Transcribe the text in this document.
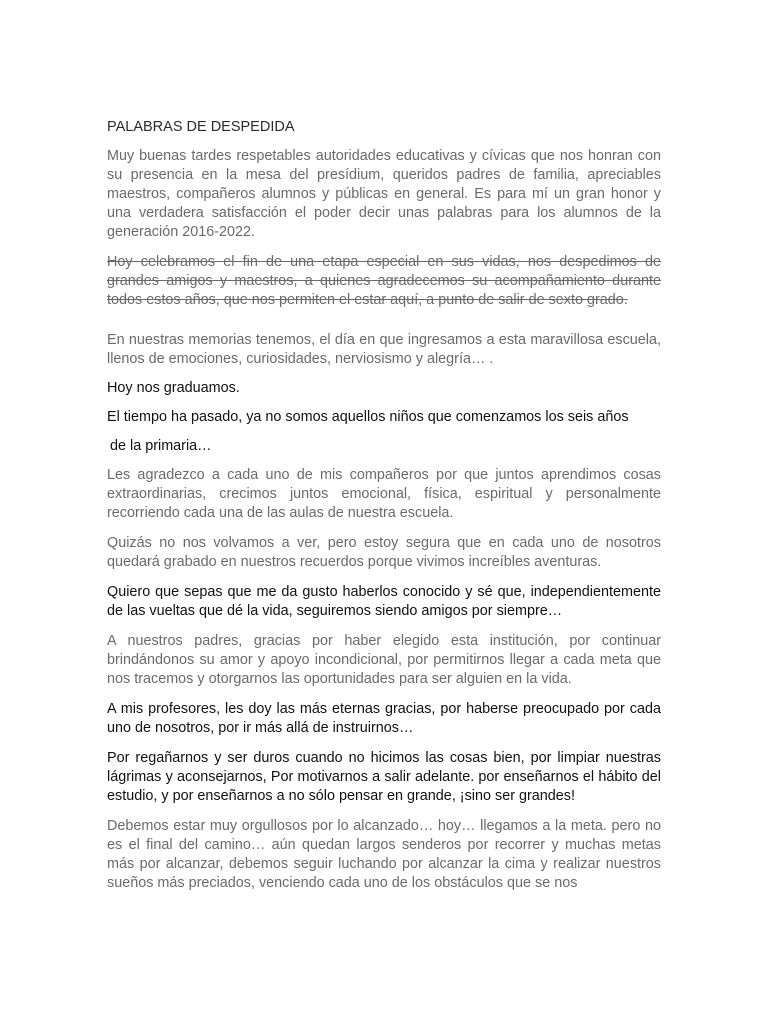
PALABRAS DE DESPEDIDA

Muy buenas tardes respetables autoridades educativas y cívicas que nos honran con su presencia en la mesa del presídium, queridos padres de familia, apreciables maestros, compañeros alumnos y públicas en general. Es para mí un gran honor y una verdadera satisfacción el poder decir unas palabras para los alumnos de la generación 2016-2022.

Hoy celebramos el fin de una etapa especial en sus vidas, nos despedimos de grandes amigos y maestros, a quienes agradecemos su acompañamiento durante todos estos años, que nos permiten el estar aquí, a punto de salir de sexto grado.

En nuestras memorias tenemos, el día en que ingresamos a esta maravillosa escuela, llenos de emociones, curiosidades, nerviosismo y alegría… .

Hoy nos graduamos.

El tiempo ha pasado, ya no somos aquellos niños que comenzamos los seis años

de la primaria…

Les agradezco a cada uno de mis compañeros por que juntos aprendimos cosas extraordinarias, crecimos juntos emocional, física, espiritual y personalmente recorriendo cada una de las aulas de nuestra escuela.

Quizás no nos volvamos a ver, pero estoy segura que en cada uno de nosotros quedará grabado en nuestros recuerdos porque vivimos increíbles aventuras.

Quiero que sepas que me da gusto haberlos conocido y sé que, independientemente de las vueltas que dé la vida, seguiremos siendo amigos por siempre…

A nuestros padres, gracias por haber elegido esta institución, por continuar brindándonos su amor y apoyo incondicional, por permitirnos llegar a cada meta que nos tracemos y otorgarnos las oportunidades para ser alguien en la vida.

A mis profesores, les doy las más eternas gracias, por haberse preocupado por cada uno de nosotros, por ir más allá de instruirnos…

Por regañarnos y ser duros cuando no hicimos las cosas bien, por limpiar nuestras lágrimas y aconsejarnos, Por motivarnos a salir adelante. por enseñarnos el hábito del estudio, y por enseñarnos a no sólo pensar en grande, ¡sino ser grandes!

Debemos estar muy orgullosos por lo alcanzado… hoy… llegamos a la meta. pero no es el final del camino… aún quedan largos senderos por recorrer y muchas metas más por alcanzar, debemos seguir luchando por alcanzar la cima y realizar nuestros sueños más preciados, venciendo cada uno de los obstáculos que se nos
